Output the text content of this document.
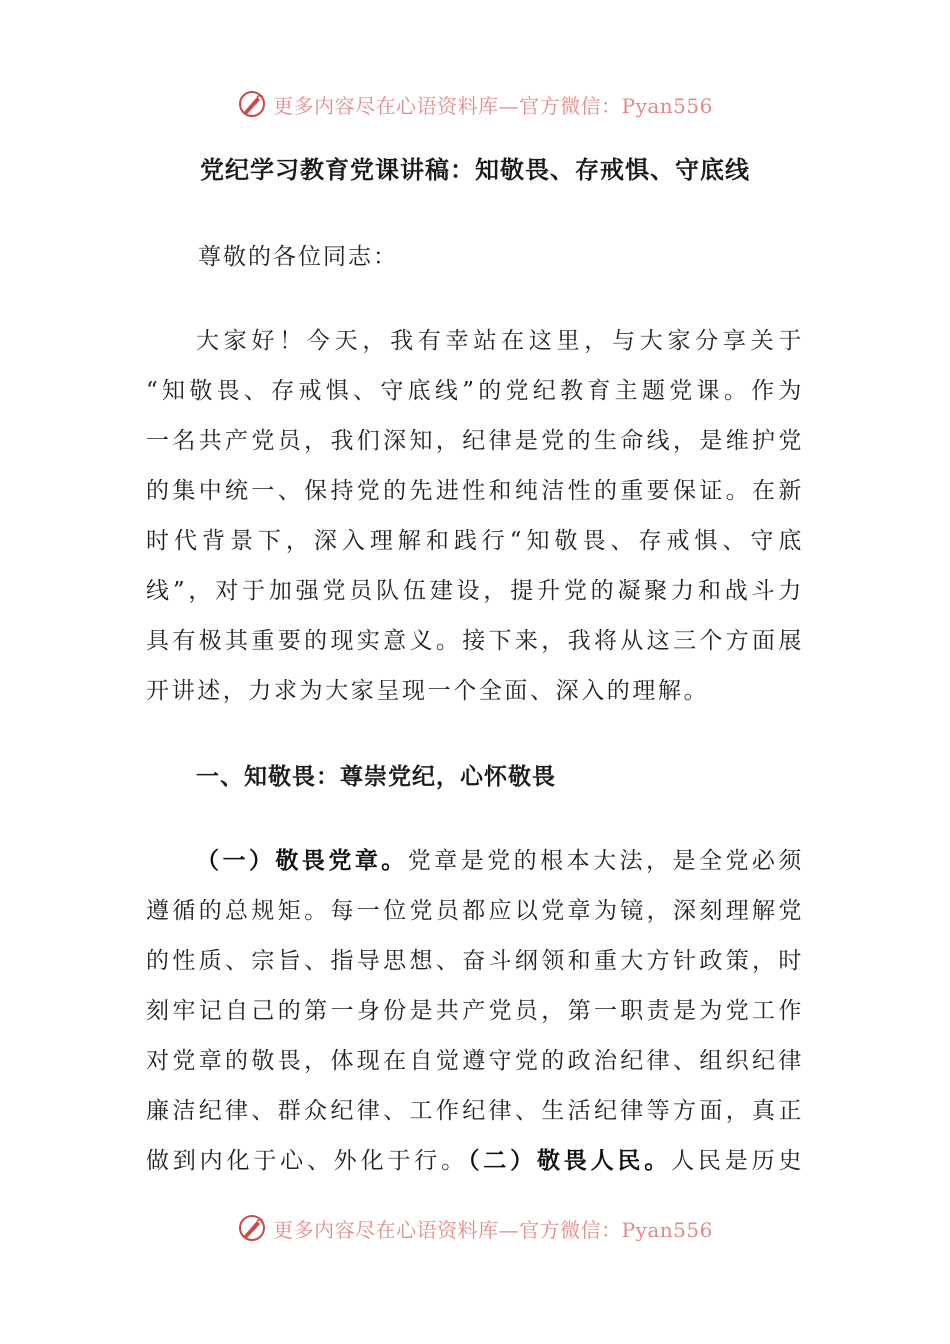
更多内容尽在心语资料库—官方微信：Pyan556
党纪学习教育党课讲稿：知敬畏、存戒惧、守底线
尊敬的各位同志：
大家好！今天，我有幸站在这里，与大家分享关于
“知敬畏、存戒惧、守底线”的党纪教育主题党课。作为
一名共产党员，我们深知，纪律是党的生命线，是维护党
的集中统一、保持党的先进性和纯洁性的重要保证。在新
时代背景下，深入理解和践行“知敬畏、存戒惧、守底
线”，对于加强党员队伍建设，提升党的凝聚力和战斗力
具有极其重要的现实意义。接下来，我将从这三个方面展
开讲述，力求为大家呈现一个全面、深入的理解。
一、知敬畏：尊崇党纪，心怀敬畏
（一）敬畏党章。党章是党的根本大法，是全党必须
遵循的总规矩。每一位党员都应以党章为镜，深刻理解党
的性质、宗旨、指导思想、奋斗纲领和重大方针政策，时
刻牢记自己的第一身份是共产党员，第一职责是为党工作
对党章的敬畏，体现在自觉遵守党的政治纪律、组织纪律
廉洁纪律、群众纪律、工作纪律、生活纪律等方面，真正
做到内化于心、外化于行。（二）敬畏人民。人民是历史
更多内容尽在心语资料库—官方微信：Pyan556
